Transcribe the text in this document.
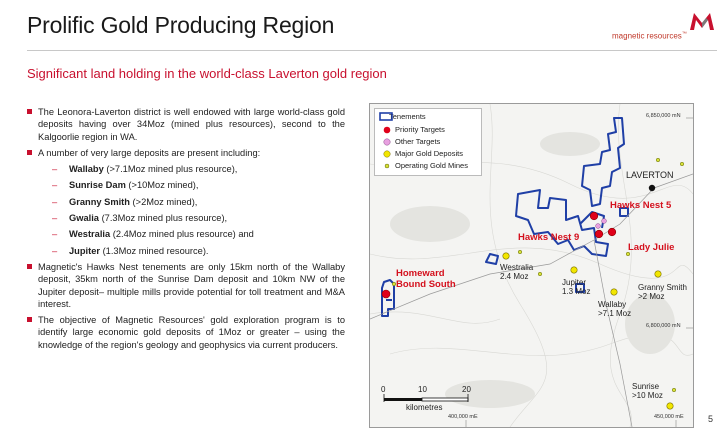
Prolific Gold Producing Region	magnetic resources™
Significant land holding in the world-class Laverton gold region
The Leonora-Laverton district is well endowed with large world-class gold deposits having over 34Moz (mined plus resources), second to the Kalgoorlie region in WA.
A number of very large deposits are present including:
– Wallaby (>7.1Moz mined plus resource),
– Sunrise Dam (>10Moz mined),
– Granny Smith (>2Moz mined),
– Gwalia (7.3Moz mined plus resource),
– Westralia (2.4Moz mined plus resource) and
– Jupiter (1.3Moz mined resource).
Magnetic's Hawks Nest tenements are only 15km north of the Wallaby deposit, 35km north of the Sunrise Dam deposit and 10km NW of the Jupiter deposit– multiple mills provide potential for toll treatment and M&A interest.
The objective of Magnetic Resources' gold exploration program is to identify large economic gold deposits of 1Moz or greater – using the knowledge of the region's geology and geophysics via current producers.
Tenements
Priority Targets
Other Targets
Major Gold Deposits
Operating Gold Mines
6,850,000 mN
6,800,000 mN
400,000 mE	450,000 mE
LAVERTON
Hawks Nest 5
Hawks Nest 9
Lady Julie
Homeward
Bound South
Westralia
2.4 Moz
Jupiter
1.3 Moz
Wallaby
>7.1 Moz
Granny Smith
>2 Moz
Sunrise
>10 Moz
0	10	20
kilometres
5
